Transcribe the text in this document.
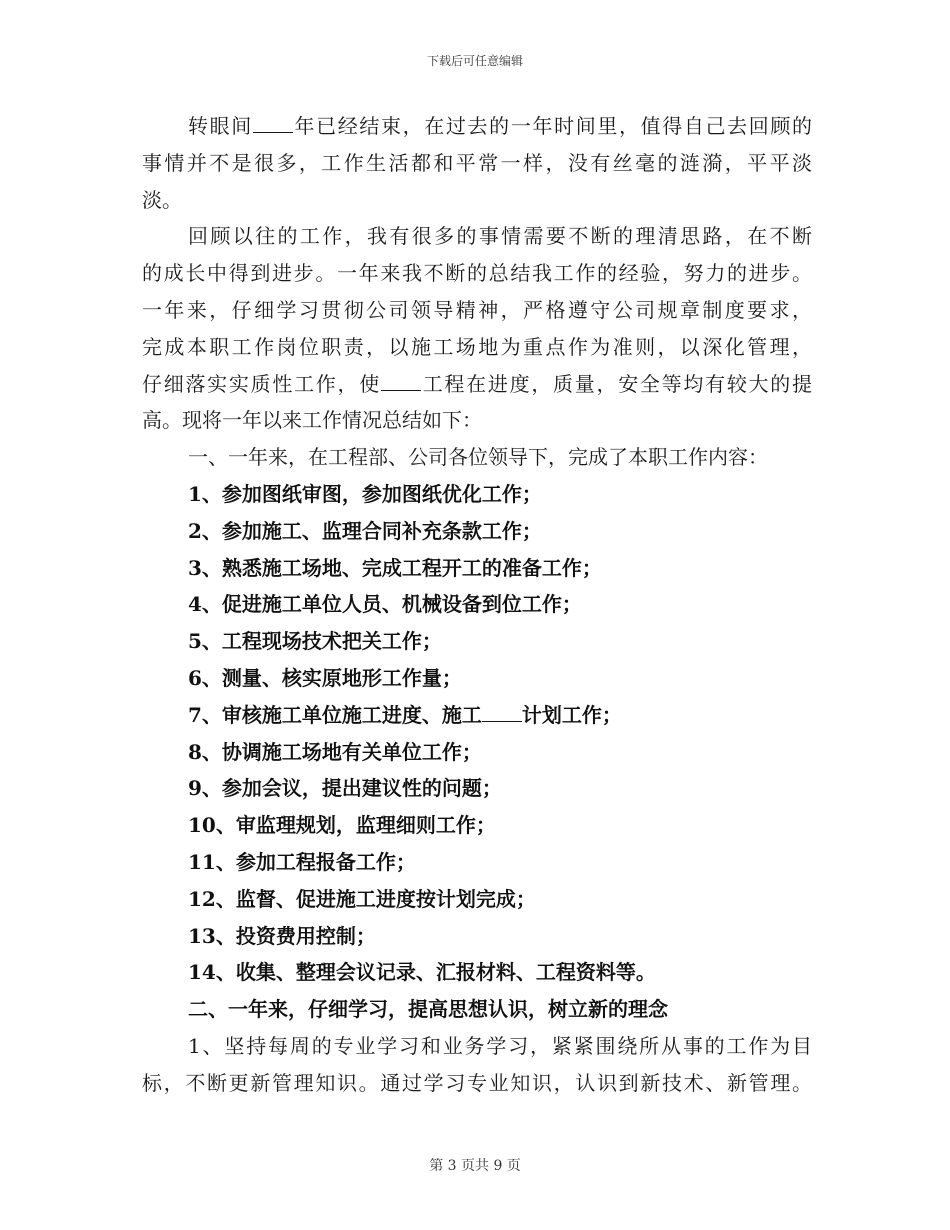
下载后可任意编辑
转眼间 年已经结束，在过去的一年时间里，值得自己去回顾的
事情并不是很多，工作生活都和平常一样，没有丝毫的涟漪，平平淡
淡。
回顾以往的工作，我有很多的事情需要不断的理清思路，在不断
的成长中得到进步。一年来我不断的总结我工作的经验，努力的进步。
一年来，仔细学习贯彻公司领导精神，严格遵守公司规章制度要求，
完成本职工作岗位职责，以施工场地为重点作为准则，以深化管理，
仔细落实实质性工作，使 工程在进度，质量，安全等均有较大的提
高。现将一年以来工作情况总结如下：
一、一年来，在工程部、公司各位领导下，完成了本职工作内容：
1、参加图纸审图，参加图纸优化工作；
2、参加施工、监理合同补充条款工作；
3、熟悉施工场地、完成工程开工的准备工作；
4、促进施工单位人员、机械设备到位工作；
5、工程现场技术把关工作；
6、测量、核实原地形工作量；
7、审核施工单位施工进度、施工 计划工作；
8、协调施工场地有关单位工作；
9、参加会议，提出建议性的问题；
10、审监理规划，监理细则工作；
11、参加工程报备工作；
12、监督、促进施工进度按计划完成；
13、投资费用控制；
14、收集、整理会议记录、汇报材料、工程资料等。
二、一年来，仔细学习，提高思想认识，树立新的理念
1、坚持每周的专业学习和业务学习，紧紧围绕所从事的工作为目
标，不断更新管理知识。通过学习专业知识，认识到新技术、新管理。
第 3 页共 9 页
